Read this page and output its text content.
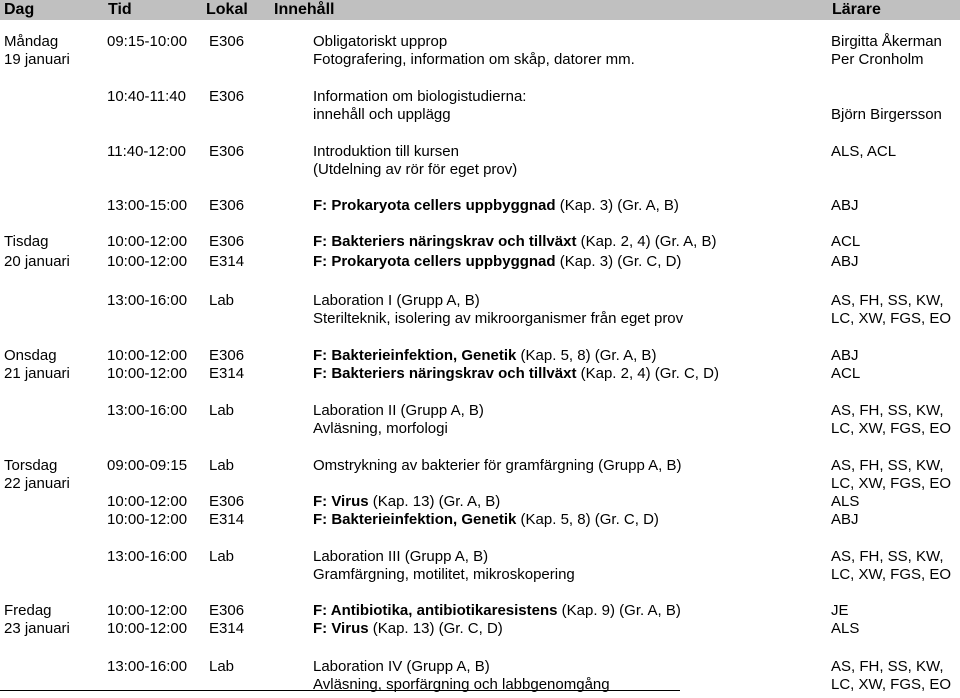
Dag	Tid	Lokal Innehåll	Lärare
Måndag	09:15-10:00 E306	Obligatoriskt upprop	Birgitta Åkerman
19 januari	Fotografering, information om skåp, datorer mm.	Per Cronholm
10:40-11:40 E306	Information om biologistudierna:
innehåll och upplägg	Björn Birgersson
11:40-12:00 E306	Introduktion till kursen	ALS, ACL
(Utdelning av rör för eget prov)
13:00-15:00 E306	F: Prokaryota cellers uppbyggnad (Kap. 3) (Gr. A, B)	ABJ
Tisdag	10:00-12:00 E306	F: Bakteriers näringskrav och tillväxt (Kap. 2, 4) (Gr. A, B)	ACL
20 januari 10:00-12:00 E314	F: Prokaryota cellers uppbyggnad (Kap. 3) (Gr. C, D)	ABJ
13:00-16:00 Lab	Laboration I (Grupp A, B)	AS, FH, SS, KW,
Sterilteknik, isolering av mikroorganismer från eget prov	LC, XW, FGS, EO
Onsdag	10:00-12:00 E306	F: Bakterieinfektion, Genetik (Kap. 5, 8) (Gr. A, B)	ABJ
21 januari 10:00-12:00 E314	F: Bakteriers näringskrav och tillväxt (Kap. 2, 4) (Gr. C, D)	ACL
13:00-16:00 Lab	Laboration II (Grupp A, B)	AS, FH, SS, KW,
Avläsning, morfologi	LC, XW, FGS, EO
Torsdag	09:00-09:15 Lab	Omstrykning av bakterier för gramfärgning (Grupp A, B)	AS, FH, SS, KW,
22 januari	LC, XW, FGS, EO
10:00-12:00 E306	F: Virus (Kap. 13) (Gr. A, B)	ALS
10:00-12:00 E314	F: Bakterieinfektion, Genetik (Kap. 5, 8) (Gr. C, D)	ABJ
13:00-16:00 Lab	Laboration III (Grupp A, B)	AS, FH, SS, KW,
Gramfärgning, motilitet, mikroskopering	LC, XW, FGS, EO
Fredag	10:00-12:00 E306	F: Antibiotika, antibiotikaresistens (Kap. 9) (Gr. A, B)	JE
23 januari 10:00-12:00 E314	F: Virus (Kap. 13) (Gr. C, D)	ALS
13:00-16:00 Lab	Laboration IV (Grupp A, B)	AS, FH, SS, KW,
Avläsning, sporfärgning och labbgenomgång	LC, XW, FGS, EO
